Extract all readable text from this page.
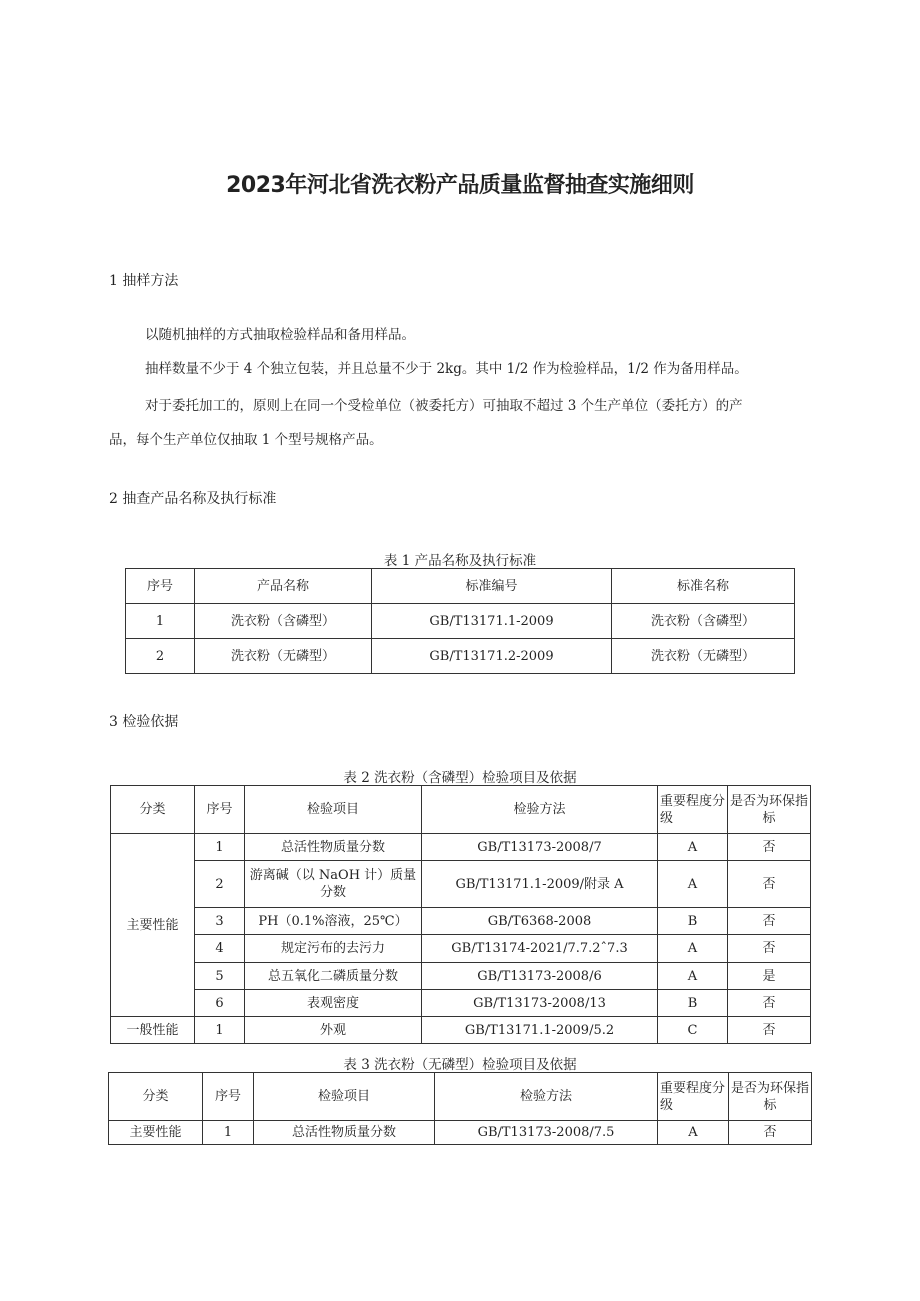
2023年河北省洗衣粉产品质量监督抽查实施细则
1 抽样方法
以随机抽样的方式抽取检验样品和备用样品。
抽样数量不少于 4 个独立包装，并且总量不少于 2kg。其中 1/2 作为检验样品，1/2 作为备用样品。
对于委托加工的，原则上在同一个受检单位（被委托方）可抽取不超过 3 个生产单位（委托方）的产
品，每个生产单位仅抽取 1 个型号规格产品。
2 抽查产品名称及执行标准
表 1 产品名称及执行标准
序号	产品名称	标准编号	标准名称
1	洗衣粉（含磷型）	GB/T13171.1-2009	洗衣粉（含磷型）
2	洗衣粉（无磷型）	GB/T13171.2-2009	洗衣粉（无磷型）
3 检验依据
表 2 洗衣粉（含磷型）检验项目及依据
分类	序号	检验项目	检验方法	重要程度分级	是否为环保指标
主要性能	1	总活性物质量分数	GB/T13173-2008/7	A	否
	2	游离碱（以 NaOH 计）质量分数	GB/T13171.1-2009/附录 A	A	否
	3	PH（0.1%溶液，25℃）	GB/T6368-2008	B	否
	4	规定污布的去污力	GB/T13174-2021/7.7.2ˆ7.3	A	否
	5	总五氧化二磷质量分数	GB/T13173-2008/6	A	是
	6	表观密度	GB/T13173-2008/13	B	否
一般性能	1	外观	GB/T13171.1-2009/5.2	C	否
表 3 洗衣粉（无磷型）检验项目及依据
分类	序号	检验项目	检验方法	重要程度分级	是否为环保指标
主要性能	1	总活性物质量分数	GB/T13173-2008/7.5	A	否
